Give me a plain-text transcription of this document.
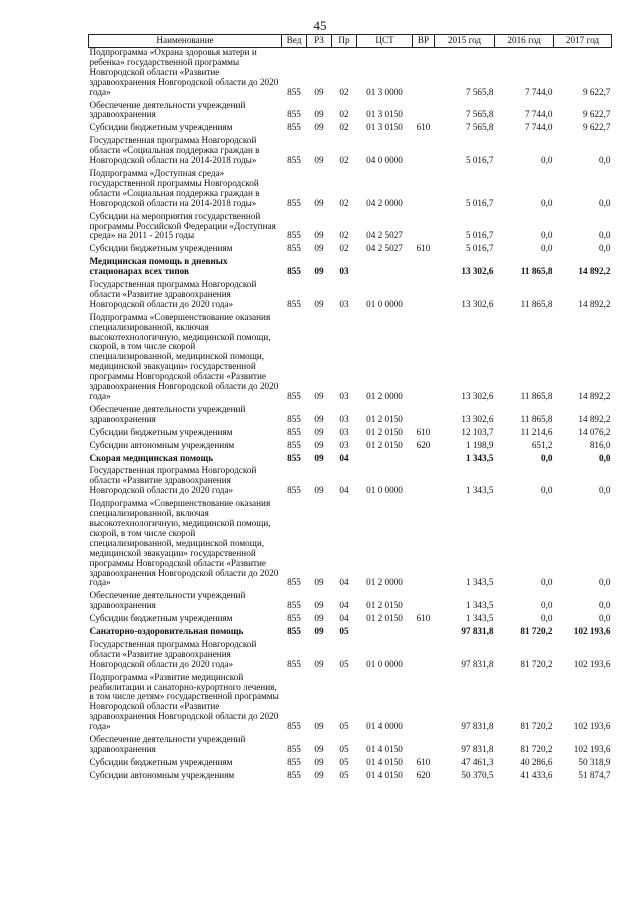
45
Наименование	Вед	РЗ	Пр	ЦСТ	ВР	2015 год	2016 год	2017 год
Подпрограмма «Охрана здоровья матери и ребенка» государственной программы Новгородской области «Развитие здравоохранения Новгородской области до 2020 года»	855	09	02	01 3 0000		7 565,8	7 744,0	9 622,7
Обеспечение деятельности учреждений здравоохранения	855	09	02	01 3 0150		7 565,8	7 744,0	9 622,7
Субсидии бюджетным учреждениям	855	09	02	01 3 0150	610	7 565,8	7 744,0	9 622,7
Государственная программа Новгородской области «Социальная поддержка граждан в Новгородской области на 2014-2018 годы»	855	09	02	04 0 0000		5 016,7	0,0	0,0
Подпрограмма «Доступная среда» государственной программы Новгородской области «Социальная поддержка граждан в Новгородской области на 2014-2018 годы»	855	09	02	04 2 0000		5 016,7	0,0	0,0
Субсидии на мероприятия государственной программы Российской Федерации «Доступная среда» на 2011 - 2015 годы	855	09	02	04 2 5027		5 016,7	0,0	0,0
Субсидии бюджетным учреждениям	855	09	02	04 2 5027	610	5 016,7	0,0	0,0
Медицинская помощь в дневных стационарах всех типов	855	09	03			13 302,6	11 865,8	14 892,2
Государственная программа Новгородской области «Развитие здравоохранения Новгородской области до 2020 года»	855	09	03	01 0 0000		13 302,6	11 865,8	14 892,2
Подпрограмма «Совершенствование оказания специализированной, включая высокотехнологичную, медицинской помощи, скорой, в том числе скорой специализированной, медицинской помощи, медицинской эвакуации» государственной программы Новгородской области «Развитие здравоохранения Новгородской области до 2020 года»	855	09	03	01 2 0000		13 302,6	11 865,8	14 892,2
Обеспечение деятельности учреждений здравоохранения	855	09	03	01 2 0150		13 302,6	11 865,8	14 892,2
Субсидии бюджетным учреждениям	855	09	03	01 2 0150	610	12 103,7	11 214,6	14 076,2
Субсидии автономным учреждениям	855	09	03	01 2 0150	620	1 198,9	651,2	816,0
Скорая медицинская помощь	855	09	04			1 343,5	0,0	0,0
Государственная программа Новгородской области «Развитие здравоохранения Новгородской области до 2020 года»	855	09	04	01 0 0000		1 343,5	0,0	0,0
Подпрограмма «Совершенствование оказания специализированной, включая высокотехнологичную, медицинской помощи, скорой, в том числе скорой специализированной, медицинской помощи, медицинской эвакуации» государственной программы Новгородской области «Развитие здравоохранения Новгородской области до 2020 года»	855	09	04	01 2 0000		1 343,5	0,0	0,0
Обеспечение деятельности учреждений здравоохранения	855	09	04	01 2 0150		1 343,5	0,0	0,0
Субсидии бюджетным учреждениям	855	09	04	01 2 0150	610	1 343,5	0,0	0,0
Санаторно-оздоровительная помощь	855	09	05			97 831,8	81 720,2	102 193,6
Государственная программа Новгородской области «Развитие здравоохранения Новгородской области до 2020 года»	855	09	05	01 0 0000		97 831,8	81 720,2	102 193,6
Подпрограмма «Развитие медицинской реабилитации и санаторно-курортного лечения, в том числе детям» государственной программы Новгородской области «Развитие здравоохранения Новгородской области до 2020 года»	855	09	05	01 4 0000		97 831,8	81 720,2	102 193,6
Обеспечение деятельности учреждений здравоохранения	855	09	05	01 4 0150		97 831,8	81 720,2	102 193,6
Субсидии бюджетным учреждениям	855	09	05	01 4 0150	610	47 461,3	40 286,6	50 318,9
Субсидии автономным учреждениям	855	09	05	01 4 0150	620	50 370,5	41 433,6	51 874,7
